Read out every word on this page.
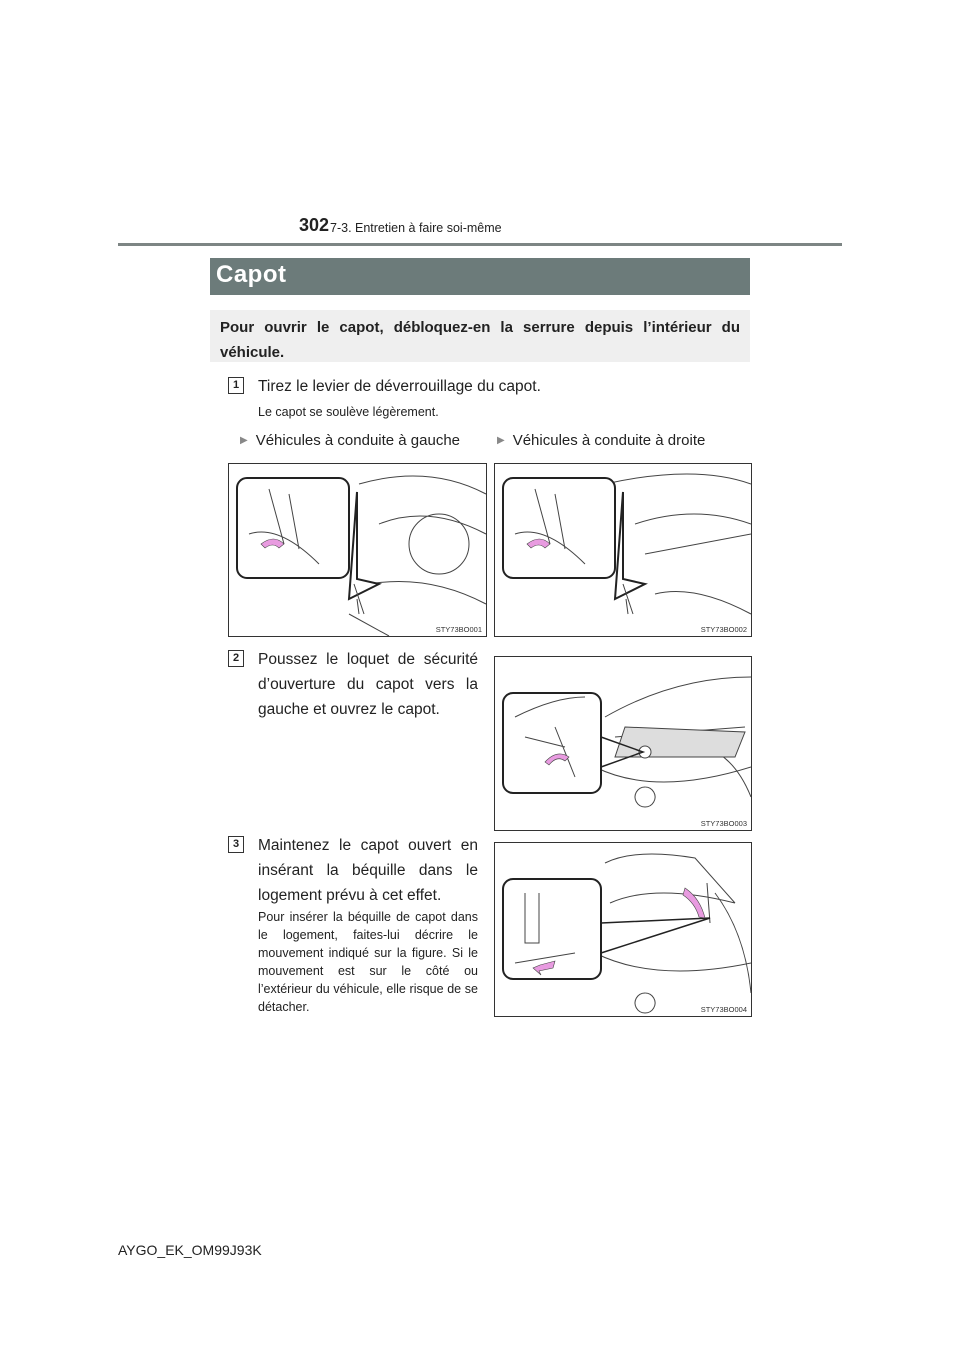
302 7-3. Entretien à faire soi-même
Capot

Pour ouvrir le capot, débloquez-en la serrure depuis l’intérieur du véhicule.

1	Tirez le levier de déverrouillage du capot.
Le capot se soulève légèrement.
▶ Véhicules à conduite à gauche	▶ Véhicules à conduite à droite
STY73BO001	STY73BO002
2	Poussez le loquet de sécurité d’ouverture du capot vers la gauche et ouvrez le capot.
STY73BO003
3	Maintenez le capot ouvert en insérant la béquille dans le logement prévu à cet effet.
Pour insérer la béquille de capot dans le logement, faites-lui décrire le mouvement indiqué sur la figure. Si le mouvement est sur le côté ou l’extérieur du véhicule, elle risque de se détacher.	STY73BO004
AYGO_EK_OM99J93K
